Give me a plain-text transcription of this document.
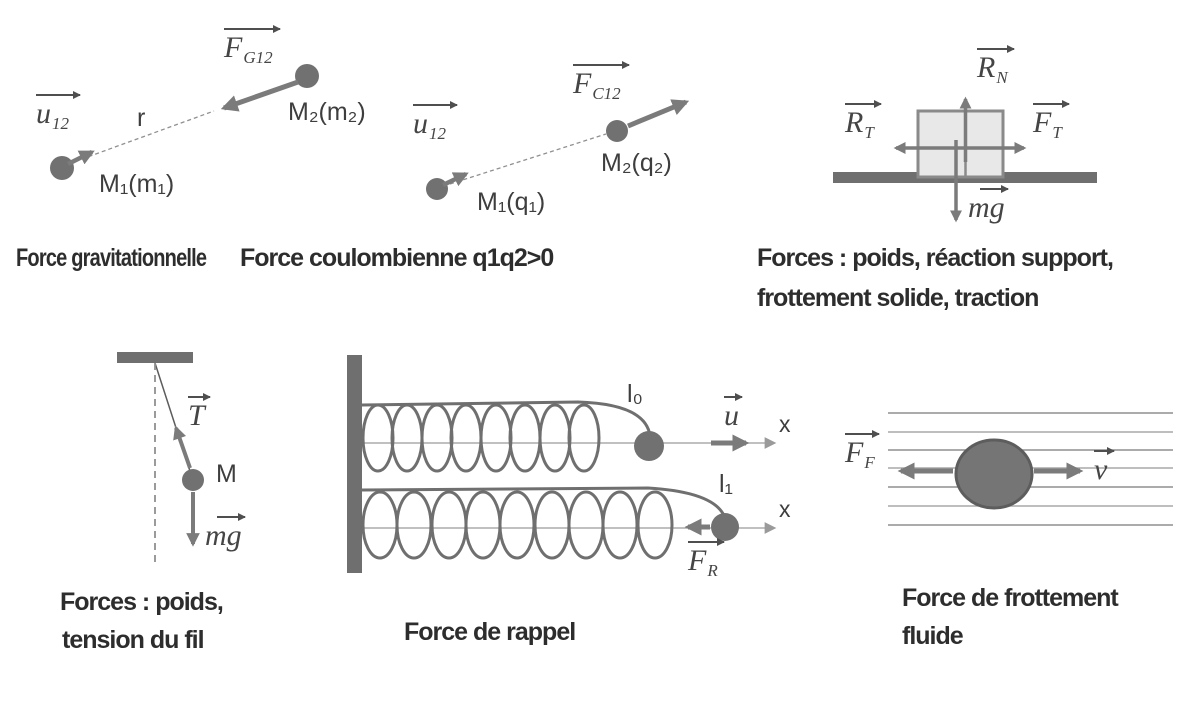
$u_{12}$
$F_{G12}$
r
M₁(m₁)
M₂(m₂)
Force gravitationnelle
$u_{12}$
$F_{C12}$
M₁(q₁)
M₂(q₂)
Force coulombienne q1q2>0
$R_N$
$R_T$	$F_T$
mg
Forces : poids, réaction support,
frottement solide, traction
T
M
mg
Forces : poids,
tension du fil
l₀
l₁
u x
x
$F_R$
Force de rappel
$F_F$	v
Force de frottement
fluide
